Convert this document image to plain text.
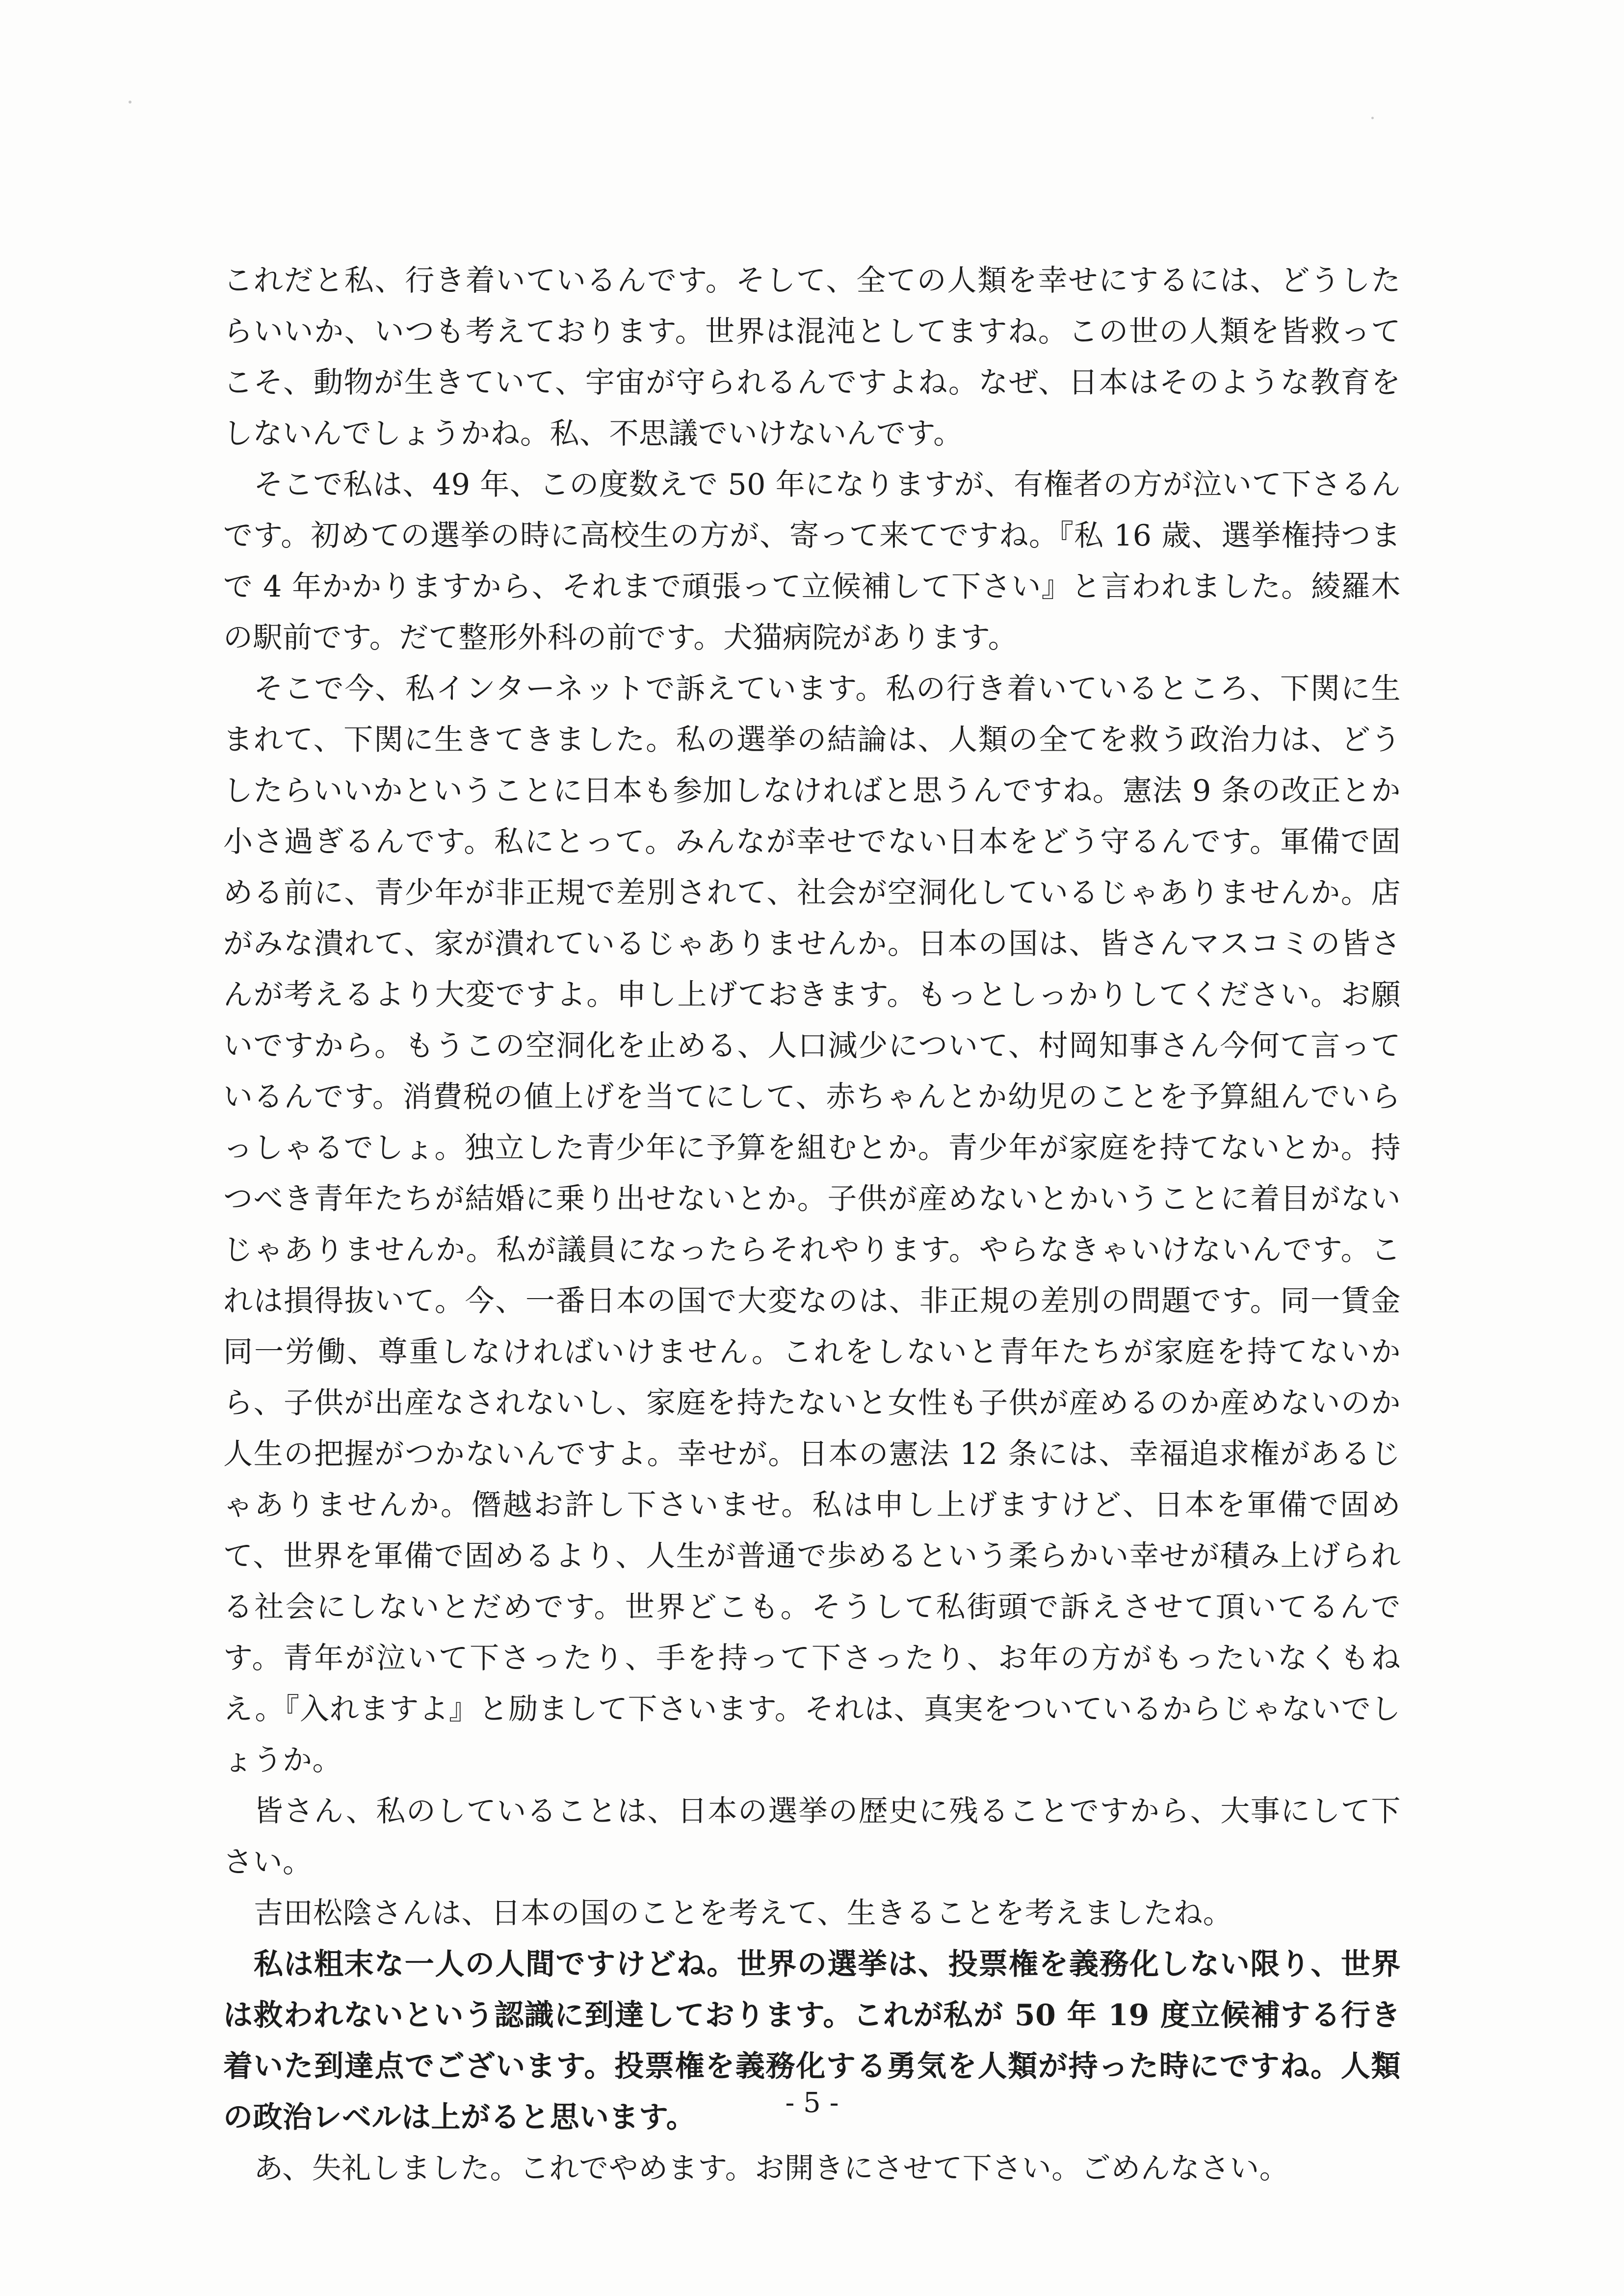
これだと私、行き着いているんです。そして、全ての人類を幸せにするには、どうしたらいいか、いつも考えております。世界は混沌としてますね。この世の人類を皆救ってこそ、動物が生きていて、宇宙が守られるんですよね。なぜ、日本はそのような教育をしないんでしょうかね。私、不思議でいけないんです。

そこで私は、49 年、この度数えで 50 年になりますが、有権者の方が泣いて下さるんです。初めての選挙の時に高校生の方が、寄って来てですね。『私 16 歳、選挙権持つまで 4 年かかりますから、それまで頑張って立候補して下さい』と言われました。綾羅木の駅前です。だて整形外科の前です。犬猫病院があります。

そこで今、私インターネットで訴えています。私の行き着いているところ、下関に生まれて、下関に生きてきました。私の選挙の結論は、人類の全てを救う政治力は、どうしたらいいかということに日本も参加しなければと思うんですね。憲法 9 条の改正とか小さ過ぎるんです。私にとって。みんなが幸せでない日本をどう守るんです。軍備で固める前に、青少年が非正規で差別されて、社会が空洞化しているじゃありませんか。店がみな潰れて、家が潰れているじゃありませんか。日本の国は、皆さんマスコミの皆さんが考えるより大変ですよ。申し上げておきます。もっとしっかりしてください。お願いですから。もうこの空洞化を止める、人口減少について、村岡知事さん今何て言っているんです。消費税の値上げを当てにして、赤ちゃんとか幼児のことを予算組んでいらっしゃるでしょ。独立した青少年に予算を組むとか。青少年が家庭を持てないとか。持つべき青年たちが結婚に乗り出せないとか。子供が産めないとかいうことに着目がないじゃありませんか。私が議員になったらそれやります。やらなきゃいけないんです。これは損得抜いて。今、一番日本の国で大変なのは、非正規の差別の問題です。同一賃金同一労働、尊重しなければいけません。これをしないと青年たちが家庭を持てないから、子供が出産なされないし、家庭を持たないと女性も子供が産めるのか産めないのか人生の把握がつかないんですよ。幸せが。日本の憲法 12 条には、幸福追求権があるじゃありませんか。僭越お許し下さいませ。私は申し上げますけど、日本を軍備で固めて、世界を軍備で固めるより、人生が普通で歩めるという柔らかい幸せが積み上げられる社会にしないとだめです。世界どこも。そうして私街頭で訴えさせて頂いてるんです。青年が泣いて下さったり、手を持って下さったり、お年の方がもったいなくもねえ。『入れますよ』と励まして下さいます。それは、真実をついているからじゃないでしょうか。

皆さん、私のしていることは、日本の選挙の歴史に残ることですから、大事にして下さい。

吉田松陰さんは、日本の国のことを考えて、生きることを考えましたね。

私は粗末な一人の人間ですけどね。世界の選挙は、投票権を義務化しない限り、世界は救われないという認識に到達しております。これが私が 50 年 19 度立候補する行き着いた到達点でございます。投票権を義務化する勇気を人類が持った時にですね。人類の政治レベルは上がると思います。

あ、失礼しました。これでやめます。お開きにさせて下さい。ごめんなさい。

- 5 -
